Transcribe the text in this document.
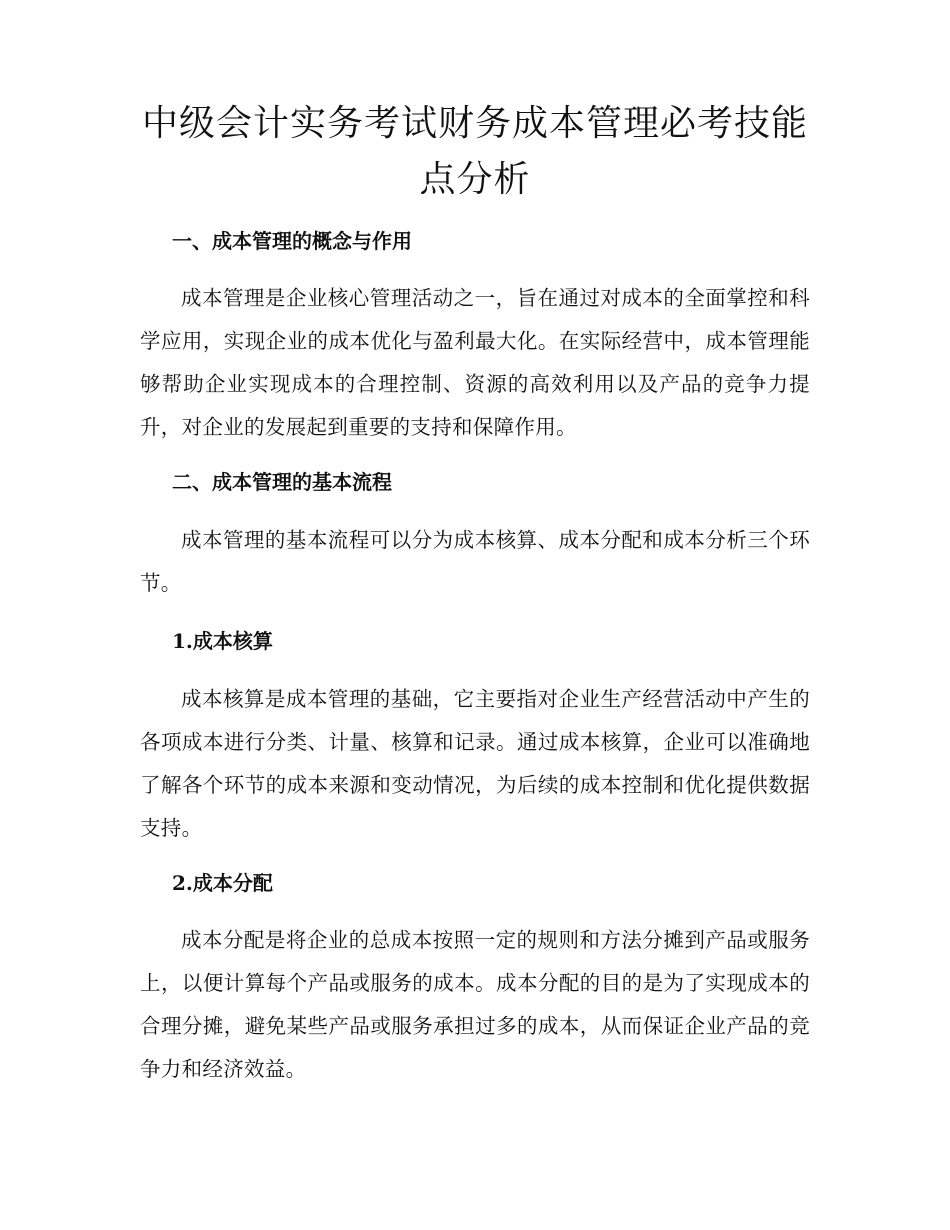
中级会计实务考试财务成本管理必考技能点分析
一、成本管理的概念与作用

成本管理是企业核心管理活动之一，旨在通过对成本的全面掌控和科学应用，实现企业的成本优化与盈利最大化。在实际经营中，成本管理能够帮助企业实现成本的合理控制、资源的高效利用以及产品的竞争力提升，对企业的发展起到重要的支持和保障作用。

二、成本管理的基本流程

成本管理的基本流程可以分为成本核算、成本分配和成本分析三个环节。

1.成本核算

成本核算是成本管理的基础，它主要指对企业生产经营活动中产生的各项成本进行分类、计量、核算和记录。通过成本核算，企业可以准确地了解各个环节的成本来源和变动情况，为后续的成本控制和优化提供数据支持。

2.成本分配

成本分配是将企业的总成本按照一定的规则和方法分摊到产品或服务上，以便计算每个产品或服务的成本。成本分配的目的是为了实现成本的合理分摊，避免某些产品或服务承担过多的成本，从而保证企业产品的竞争力和经济效益。
